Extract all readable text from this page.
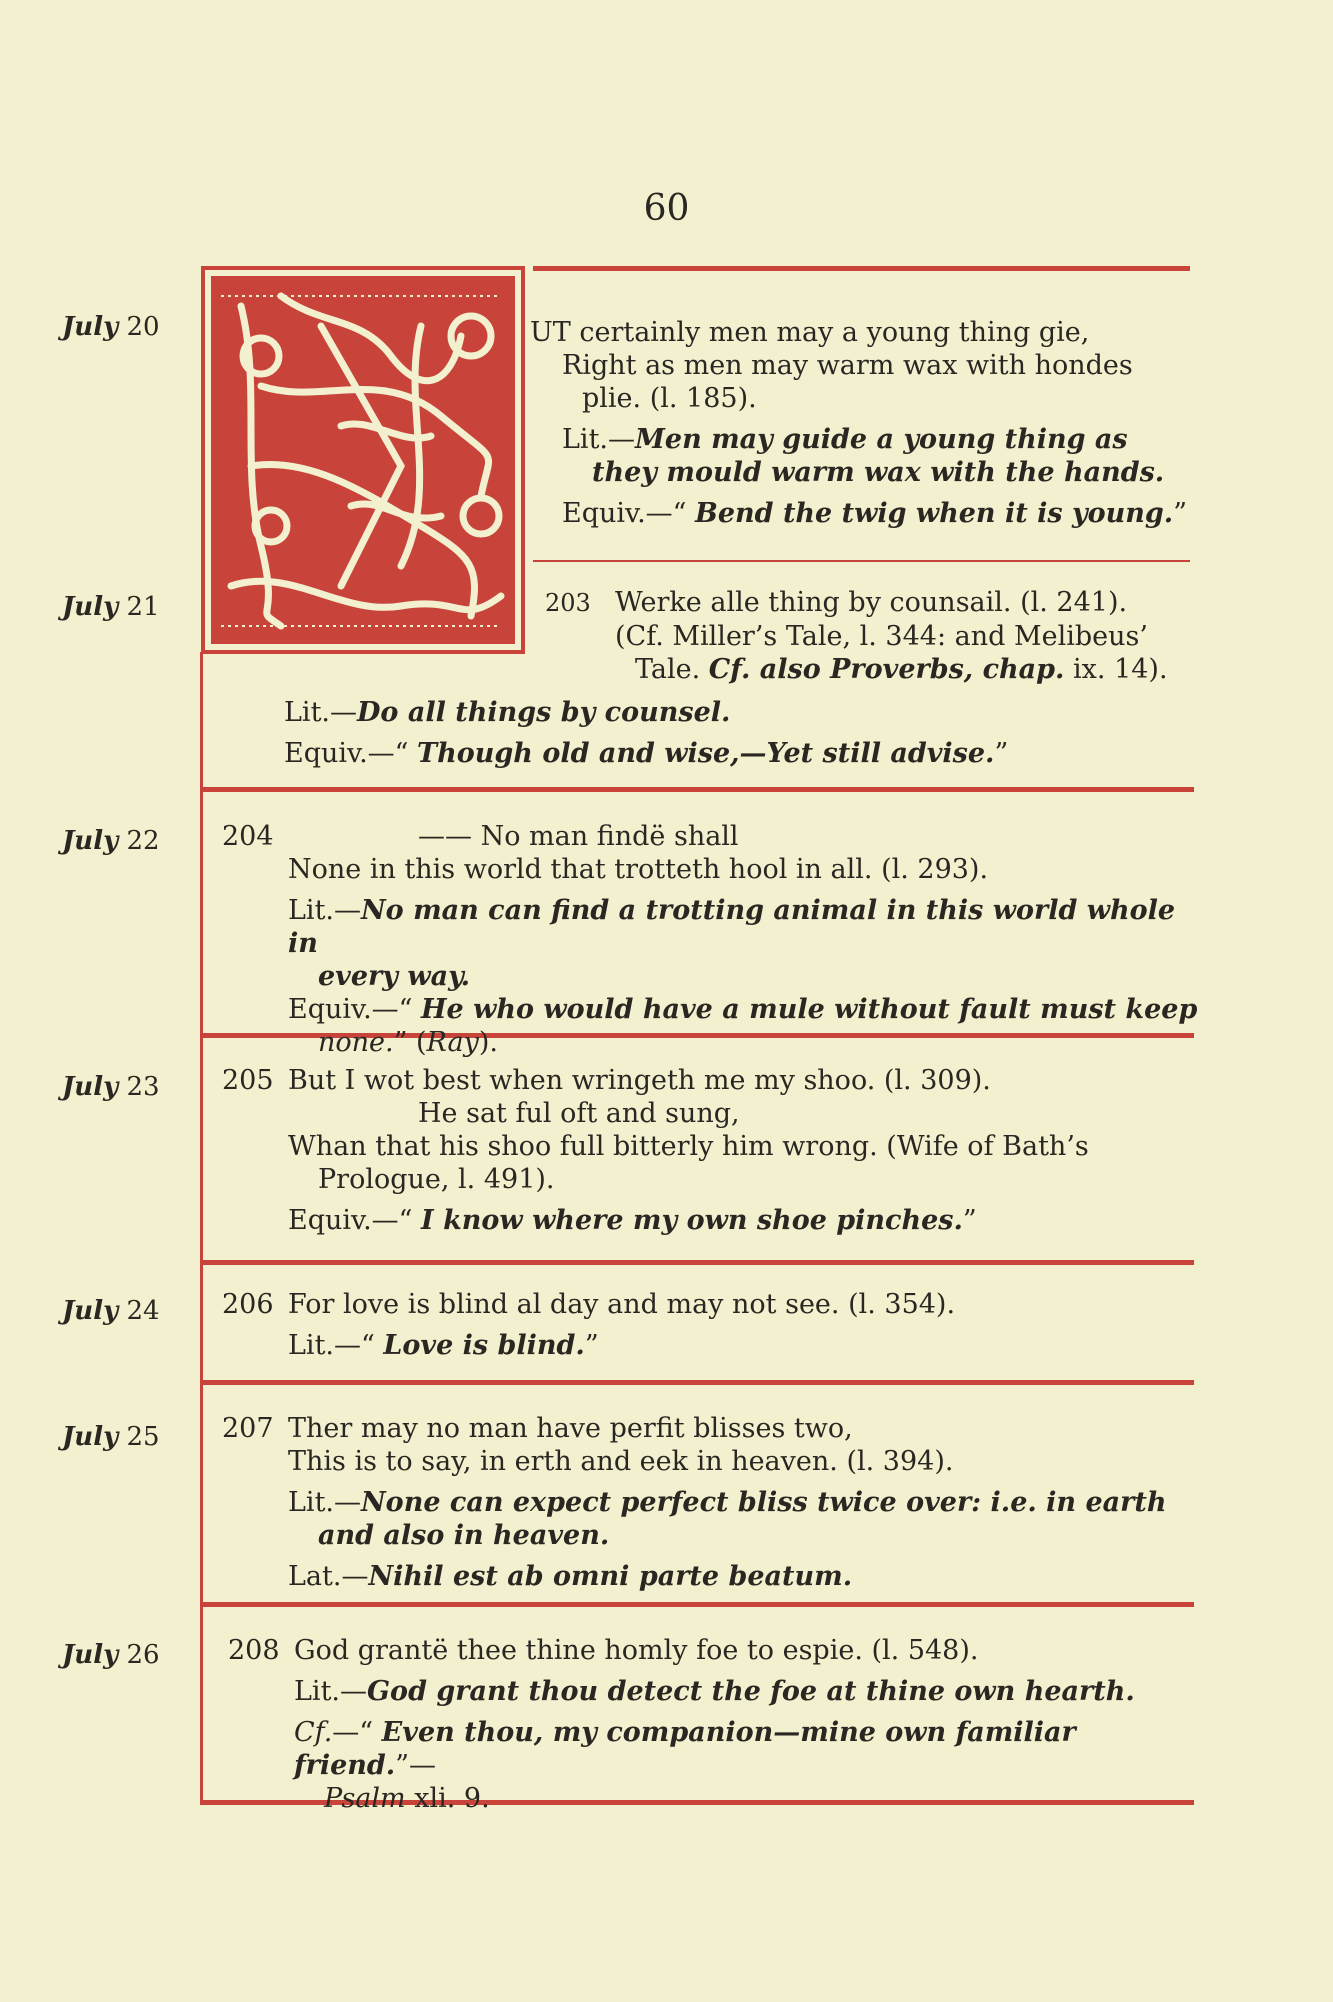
60
July 20
July 21
July 22
July 23
July 24
July 25
July 26
UT certainly men may a young thing gie,
Right as men may warm wax with hondes
plie. (l. 185).
Lit.—Men may guide a young thing as
they mould warm wax with the hands.
Equiv.—“ Bend the twig when it is young.”
203 Werke alle thing by counsail. (l. 241).
(Cf. Miller’s Tale, l. 344: and Melibeus’
Tale. Cf. also Proverbs, chap. ix. 14).
Lit.—Do all things by counsel.
Equiv.—“ Though old and wise,—Yet still advise.”
204	—— No man findë shall
None in this world that trotteth hool in all. (l. 293).
Lit.—No man can find a trotting animal in this world whole in
every way.
Equiv.—“ He who would have a mule without fault must keep
none.” (Ray).
205 But I wot best when wringeth me my shoo. (l. 309).
He sat ful oft and sung,
Whan that his shoo full bitterly him wrong. (Wife of Bath’s
Prologue, l. 491).
Equiv.—“ I know where my own shoe pinches.”
206 For love is blind al day and may not see. (l. 354).
Lit.—“ Love is blind.”
207 Ther may no man have perfit blisses two,
This is to say, in erth and eek in heaven. (l. 394).
Lit.—None can expect perfect bliss twice over: i.e. in earth
and also in heaven.
Lat.—Nihil est ab omni parte beatum.
208 God grantë thee thine homly foe to espie. (l. 548).
Lit.—God grant thou detect the foe at thine own hearth.
Cf.—“ Even thou, my companion—mine own familiar friend.”—
Psalm xli. 9.
